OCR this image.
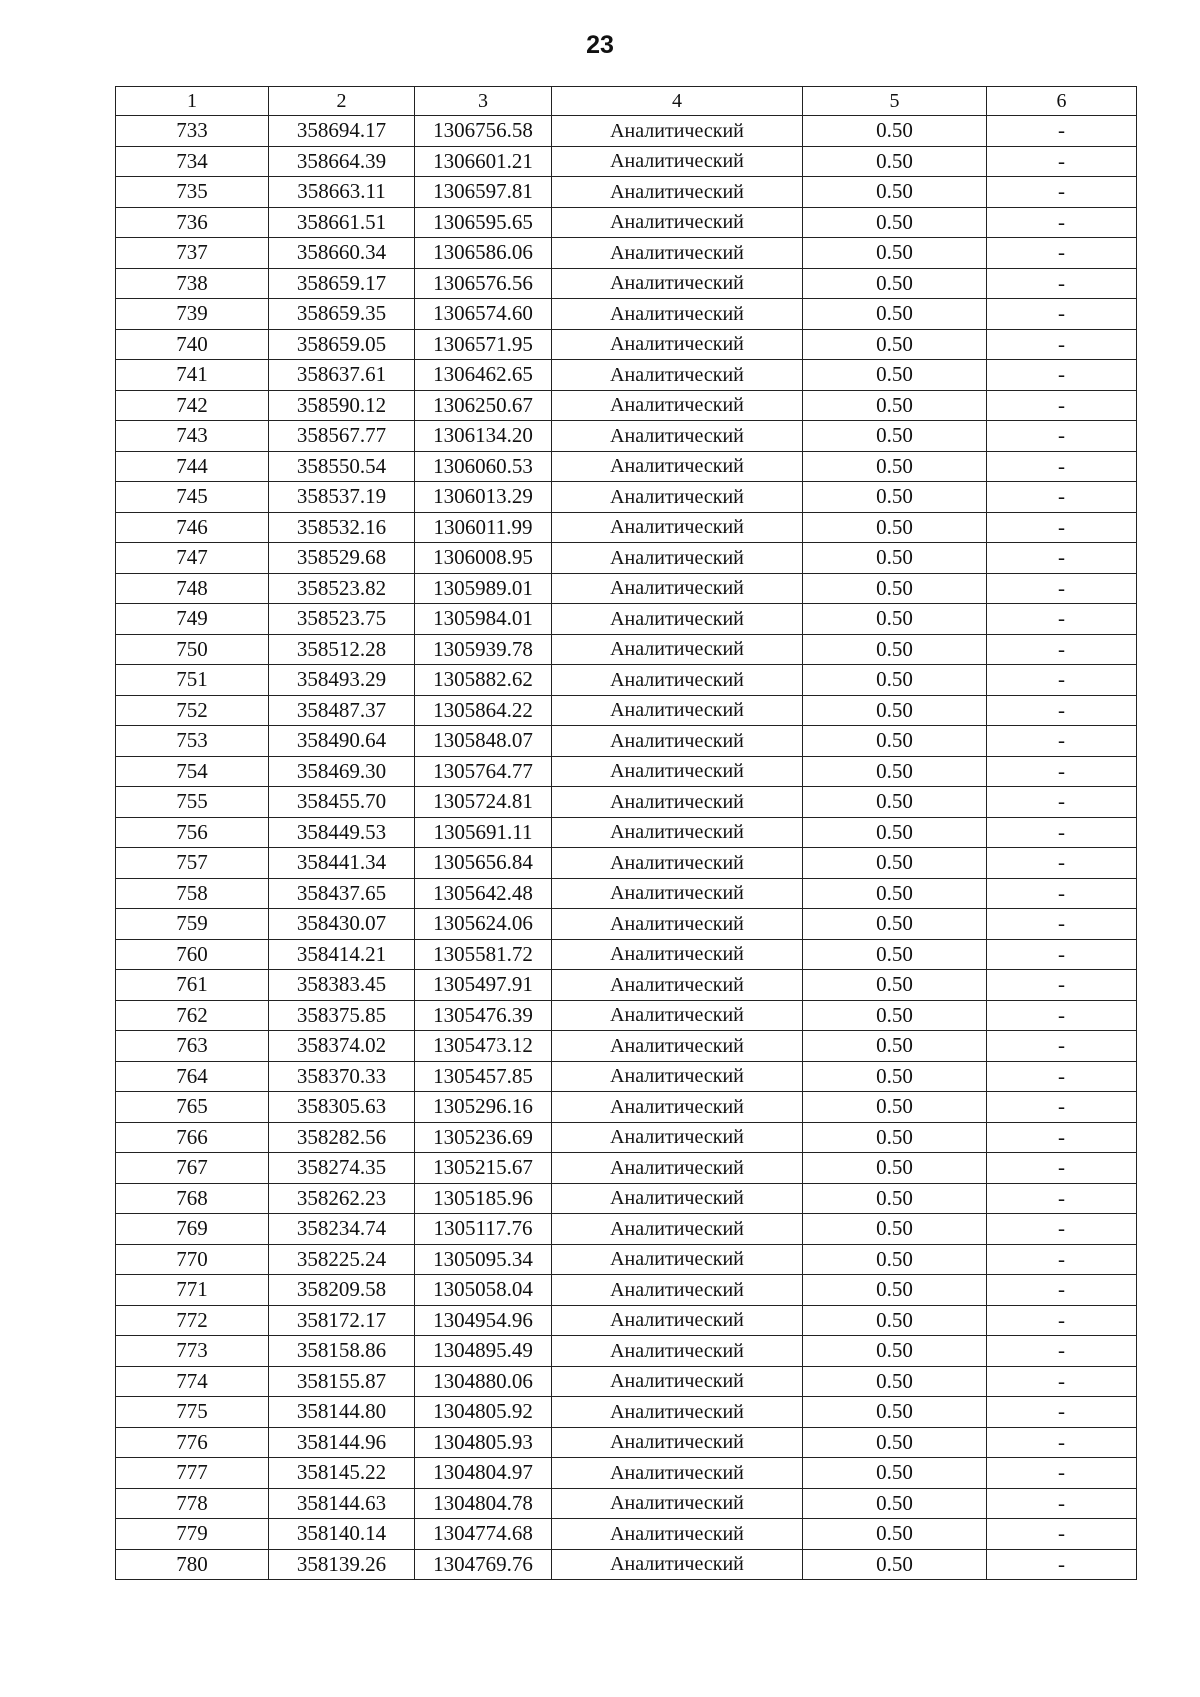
23
1	2	3	4	5	6
733	358694.17	1306756.58	Аналитический	0.50	-
734	358664.39	1306601.21	Аналитический	0.50	-
735	358663.11	1306597.81	Аналитический	0.50	-
736	358661.51	1306595.65	Аналитический	0.50	-
737	358660.34	1306586.06	Аналитический	0.50	-
738	358659.17	1306576.56	Аналитический	0.50	-
739	358659.35	1306574.60	Аналитический	0.50	-
740	358659.05	1306571.95	Аналитический	0.50	-
741	358637.61	1306462.65	Аналитический	0.50	-
742	358590.12	1306250.67	Аналитический	0.50	-
743	358567.77	1306134.20	Аналитический	0.50	-
744	358550.54	1306060.53	Аналитический	0.50	-
745	358537.19	1306013.29	Аналитический	0.50	-
746	358532.16	1306011.99	Аналитический	0.50	-
747	358529.68	1306008.95	Аналитический	0.50	-
748	358523.82	1305989.01	Аналитический	0.50	-
749	358523.75	1305984.01	Аналитический	0.50	-
750	358512.28	1305939.78	Аналитический	0.50	-
751	358493.29	1305882.62	Аналитический	0.50	-
752	358487.37	1305864.22	Аналитический	0.50	-
753	358490.64	1305848.07	Аналитический	0.50	-
754	358469.30	1305764.77	Аналитический	0.50	-
755	358455.70	1305724.81	Аналитический	0.50	-
756	358449.53	1305691.11	Аналитический	0.50	-
757	358441.34	1305656.84	Аналитический	0.50	-
758	358437.65	1305642.48	Аналитический	0.50	-
759	358430.07	1305624.06	Аналитический	0.50	-
760	358414.21	1305581.72	Аналитический	0.50	-
761	358383.45	1305497.91	Аналитический	0.50	-
762	358375.85	1305476.39	Аналитический	0.50	-
763	358374.02	1305473.12	Аналитический	0.50	-
764	358370.33	1305457.85	Аналитический	0.50	-
765	358305.63	1305296.16	Аналитический	0.50	-
766	358282.56	1305236.69	Аналитический	0.50	-
767	358274.35	1305215.67	Аналитический	0.50	-
768	358262.23	1305185.96	Аналитический	0.50	-
769	358234.74	1305117.76	Аналитический	0.50	-
770	358225.24	1305095.34	Аналитический	0.50	-
771	358209.58	1305058.04	Аналитический	0.50	-
772	358172.17	1304954.96	Аналитический	0.50	-
773	358158.86	1304895.49	Аналитический	0.50	-
774	358155.87	1304880.06	Аналитический	0.50	-
775	358144.80	1304805.92	Аналитический	0.50	-
776	358144.96	1304805.93	Аналитический	0.50	-
777	358145.22	1304804.97	Аналитический	0.50	-
778	358144.63	1304804.78	Аналитический	0.50	-
779	358140.14	1304774.68	Аналитический	0.50	-
780	358139.26	1304769.76	Аналитический	0.50	-
